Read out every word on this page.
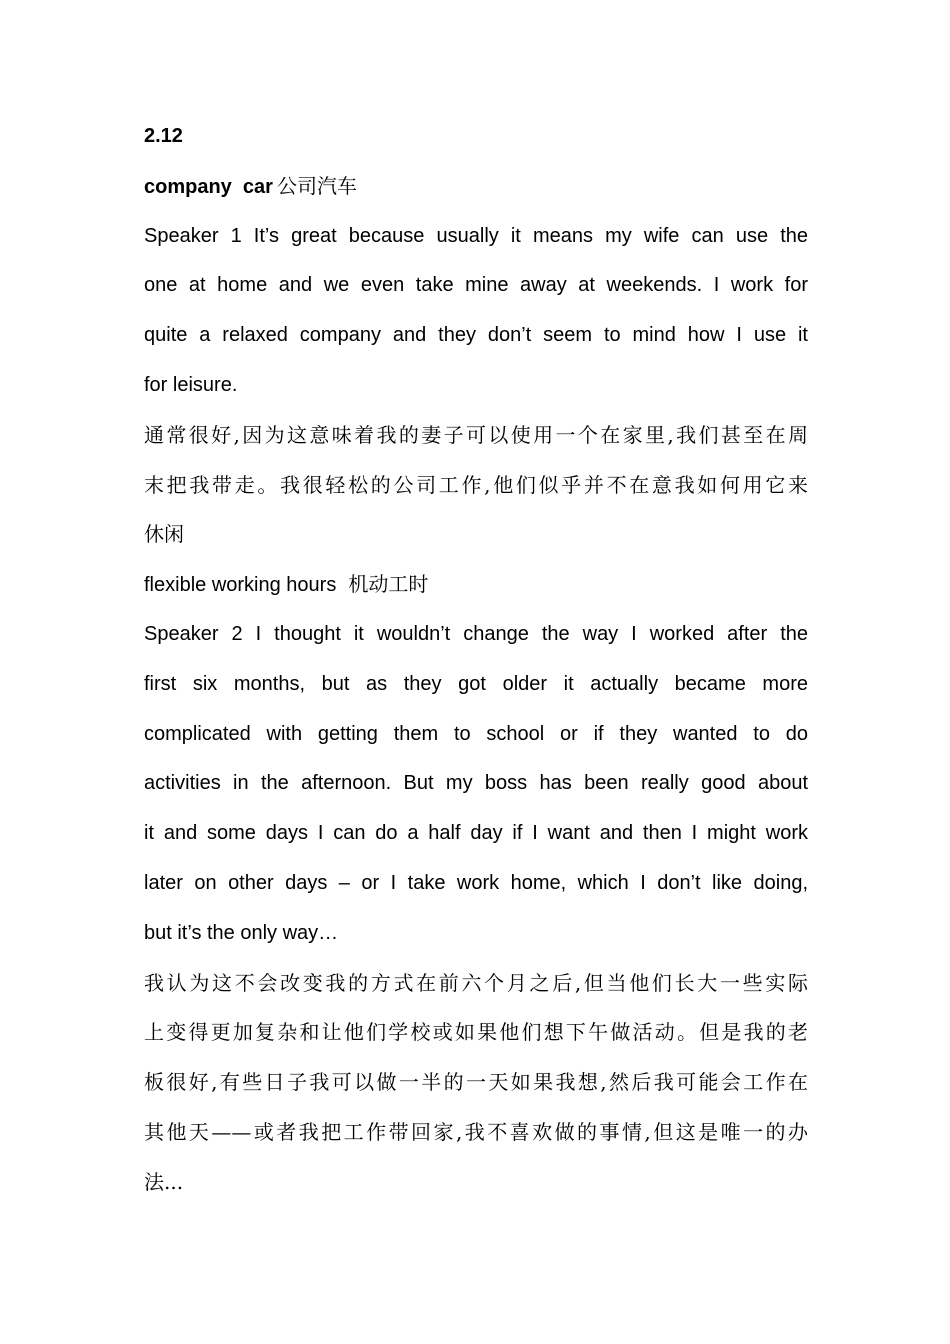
2.12
company  car 公司汽车
Speaker 1 It’s great because usually it means my wife can use the
one at home and we even take mine away at weekends. I work for
quite a relaxed company and they don’t seem to mind how I use it
for leisure.
通常很好,因为这意味着我的妻子可以使用一个在家里,我们甚至在周
末把我带走。我很轻松的公司工作,他们似乎并不在意我如何用它来
休闲
flexible working hours 机动工时
Speaker 2 I thought it wouldn’t change the way I worked after the
first six months, but as they got older it actually became more
complicated with getting them to school or if they wanted to do
activities in the afternoon. But my boss has been really good about
it and some days I can do a half day if I want and then I might work
later on other days – or I take work home, which I don’t like doing,
but it’s the only way…
我认为这不会改变我的方式在前六个月之后,但当他们长大一些实际
上变得更加复杂和让他们学校或如果他们想下午做活动。但是我的老
板很好,有些日子我可以做一半的一天如果我想,然后我可能会工作在
其他天——或者我把工作带回家,我不喜欢做的事情,但这是唯一的办
法...
